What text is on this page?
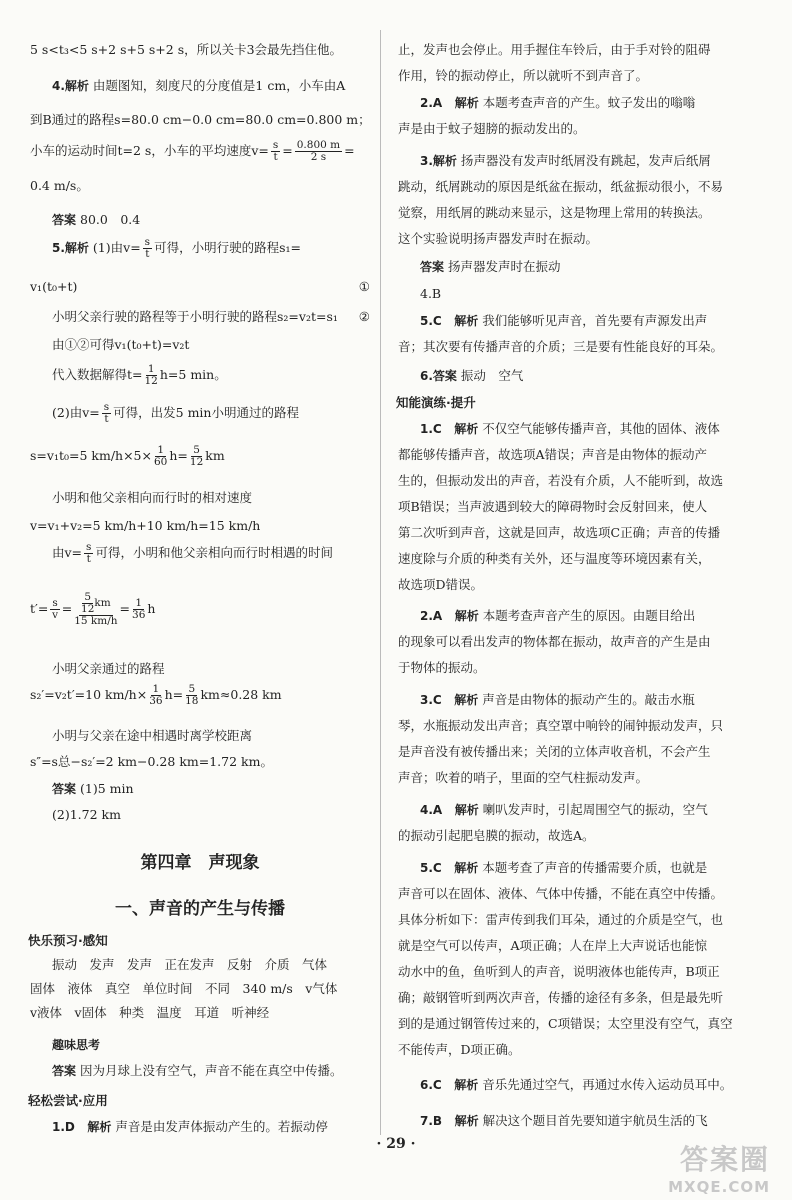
5 s<t₃<5 s+2 s+5 s+2 s，所以关卡3会最先挡住他。
4.解析 由题图知，刻度尺的分度值是1 cm，小车由A
到B通过的路程s=80.0 cm−0.0 cm=80.0 cm=0.800 m；
小车的运动时间t=2 s，小车的平均速度$v= \frac{s}{t} = \frac{0.800 m}{2 s}$ =
0.4 m/s。
答案 80.0　0.4
5.解析 (1)由$v= \frac{s}{t}$ 可得，小明行驶的路程s₁=
v₁(t₀+t)	①
小明父亲行驶的路程等于小明行驶的路程s₂=v₂t=s₁ ②
由①②可得v₁(t₀+t)=v₂t
代入数据解得$t= \frac{1}{12} h=5$ min。
(2)由$v= \frac{s}{t}$ 可得，出发5 min小明通过的路程
s=v₁t₀=5 $km/h\times 5\times \frac{1}{60} h= \frac{5}{12}$ km
小明和他父亲相向而行时的相对速度
v=v₁+v₂=5 km/h+10 km/h=15 km/h
由$v= \frac{s}{t}$ 可得，小明和他父亲相向而行时相遇的时间
$t'= \frac{s}{v} = \frac{\frac{5}{12} km}{15 km/h} = \frac{1}{36}$ h
小明父亲通过的路程
s₂′=v₂t′=10 $km/h\times \frac{1}{36} h= \frac{5}{18} km\approx 0.28$ km
小明与父亲在途中相遇时离学校距离
s″=s总−s₂′=2 km−0.28 km=1.72 km。
答案 (1)5 min
(2)1.72 km
第四章　声现象
一、声音的产生与传播
快乐预习·感知
振动　发声　发声　正在发声　反射　介质　气体
固体　液体　真空　单位时间　不同　340 m/s　v气体
v液体　v固体　种类　温度　耳道　听神经
趣味思考
答案 因为月球上没有空气，声音不能在真空中传播。
轻松尝试·应用
1.D　 解析 声音是由发声体振动产生的。若振动停
止，发声也会停止。用手握住车铃后，由于手对铃的阻碍
作用，铃的振动停止，所以就听不到声音了。
2.A　 解析 本题考查声音的产生。蚊子发出的嗡嗡
声是由于蚊子翅膀的振动发出的。
3.解析 扬声器没有发声时纸屑没有跳起，发声后纸屑
跳动，纸屑跳动的原因是纸盆在振动，纸盆振动很小，不易
觉察，用纸屑的跳动来显示，这是物理上常用的转换法。
这个实验说明扬声器发声时在振动。
答案 扬声器发声时在振动
4.B
5.C　 解析 我们能够听见声音，首先要有声源发出声
音；其次要有传播声音的介质；三是要有性能良好的耳朵。
6.答案 振动　空气
知能演练·提升
1.C　 解析 不仅空气能够传播声音，其他的固体、液体
都能够传播声音，故选项A错误；声音是由物体的振动产
生的，但振动发出的声音，若没有介质，人不能听到，故选
项B错误；当声波遇到较大的障碍物时会反射回来，使人
第二次听到声音，这就是回声，故选项C正确；声音的传播
速度除与介质的种类有关外，还与温度等环境因素有关，
故选项D错误。
2.A　 解析 本题考查声音产生的原因。由题目给出
的现象可以看出发声的物体都在振动，故声音的产生是由
于物体的振动。
3.C　 解析 声音是由物体的振动产生的。敲击水瓶
琴，水瓶振动发出声音；真空罩中响铃的闹钟振动发声，只
是声音没有被传播出来；关闭的立体声收音机，不会产生
声音；吹着的哨子，里面的空气柱振动发声。
4.A　 解析 喇叭发声时，引起周围空气的振动，空气
的振动引起肥皂膜的振动，故选A。
5.C　 解析 本题考查了声音的传播需要介质，也就是
声音可以在固体、液体、气体中传播，不能在真空中传播。
具体分析如下：雷声传到我们耳朵，通过的介质是空气，也
就是空气可以传声，A项正确；人在岸上大声说话也能惊
动水中的鱼，鱼听到人的声音，说明液体也能传声，B项正
确；敲钢管听到两次声音，传播的途径有多条，但是最先听
到的是通过钢管传过来的，C项错误；太空里没有空气，真空
不能传声，D项正确。
6.C　 解析 音乐先通过空气，再通过水传入运动员耳中。
7.B　 解析 解决这个题目首先要知道宇航员生活的飞
· 29 ·	答案圈
MXQE.COM
